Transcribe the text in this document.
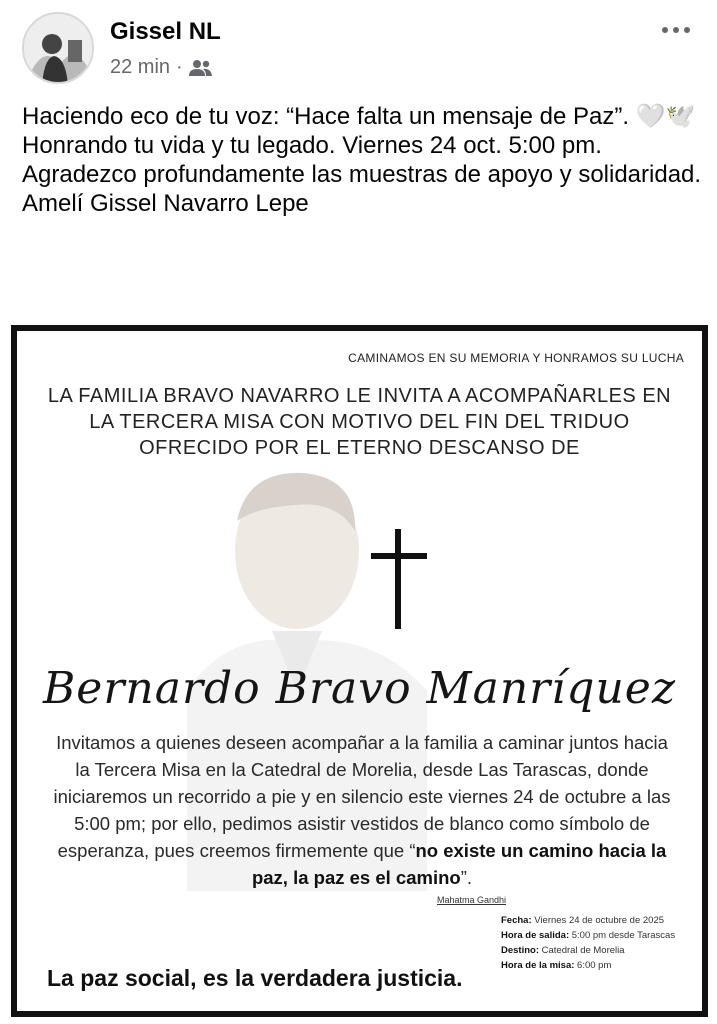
Gissel NL
22 min ·

Haciendo eco de tu voz: “Hace falta un mensaje de Paz”. 🤍🕊️ Honrando tu vida y tu legado. Viernes 24 oct. 5:00 pm.

Agradezco profundamente las muestras de apoyo y solidaridad.

Amelí Gissel Navarro Lepe

CAMINAMOS EN SU MEMORIA Y HONRAMOS SU LUCHA
LA FAMILIA BRAVO NAVARRO LE INVITA A ACOMPAÑARLES EN
LA TERCERA MISA CON MOTIVO DEL FIN DEL TRIDUO
OFRECIDO POR EL ETERNO DESCANSO DE
Bernardo Bravo Manríquez
Invitamos a quienes deseen acompañar a la familia a caminar juntos hacia la Tercera Misa en la Catedral de Morelia, desde Las Tarascas, donde iniciaremos un recorrido a pie y en silencio este viernes 24 de octubre a las 5:00 pm; por ello, pedimos asistir vestidos de blanco como símbolo de esperanza, pues creemos firmemente que “no existe un camino hacia la paz, la paz es el camino”.
Mahatma Gandhi
Fecha: Viernes 24 de octubre de 2025
Hora de salida: 5:00 pm desde Tarascas
Destino: Catedral de Morelia
Hora de la misa: 6:00 pm
La paz social, es la verdadera justicia.
